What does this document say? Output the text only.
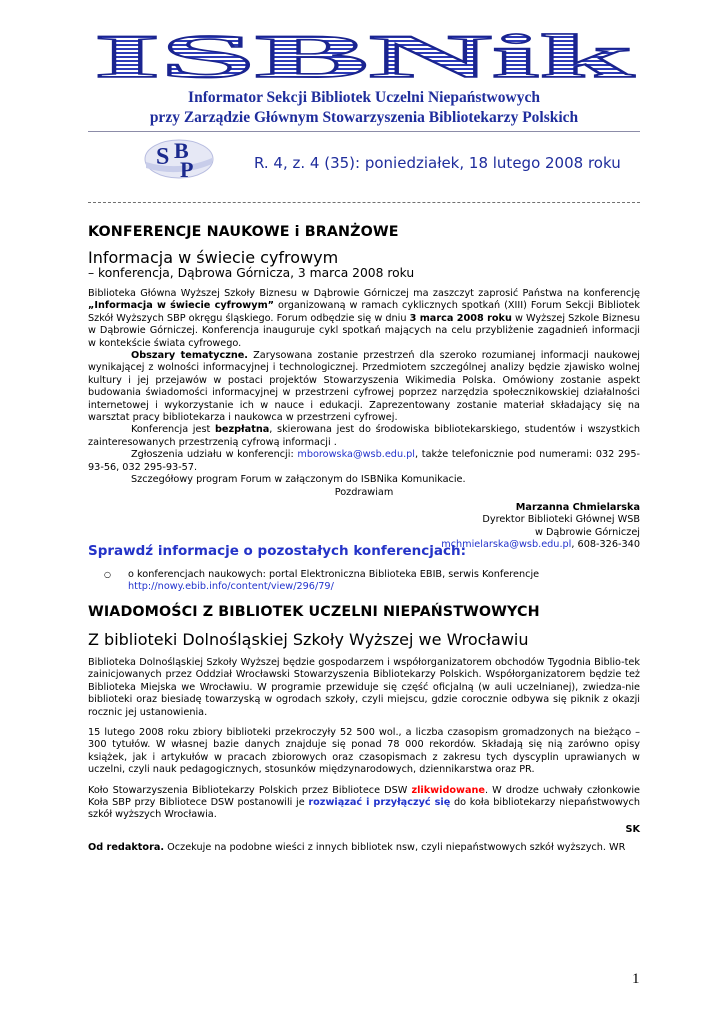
ISBNik
Informator Sekcji Bibliotek Uczelni Niepaństwowych
przy Zarządzie Głównym Stowarzyszenia Bibliotekarzy Polskich
S B
P	R. 4, z. 4 (35): poniedziałek, 18 lutego 2008 roku
KONFERENCJE NAUKOWE i BRANŻOWE
Informacja w świecie cyfrowym
– konferencja, Dąbrowa Górnicza, 3 marca 2008 roku

Biblioteka Główna Wyższej Szkoły Biznesu w Dąbrowie Górniczej ma zaszczyt zaprosić Państwa na konferencję „Informacja w świecie cyfrowym” organizowaną w ramach cyklicznych spotkań (XIII) Forum Sekcji Bibliotek Szkół Wyższych SBP okręgu śląskiego. Forum odbędzie się w dniu 3 marca 2008 roku w Wyższej Szkole Biznesu w Dąbrowie Górniczej. Konferencja inauguruje cykl spotkań mających na celu przybliżenie zagadnień informacji w kontekście świata cyfrowego.

Obszary tematyczne. Zarysowana zostanie przestrzeń dla szeroko rozumianej informacji naukowej wynikającej z wolności informacyjnej i technologicznej. Przedmiotem szczególnej analizy będzie zjawisko wolnej kultury i jej przejawów w postaci projektów Stowarzyszenia Wikimedia Polska. Omówiony zostanie aspekt budowania świadomości informacyjnej w przestrzeni cyfrowej poprzez narzędzia społecznikowskiej działalności internetowej i wykorzystanie ich w nauce i edukacji. Zaprezentowany zostanie materiał składający się na warsztat pracy bibliotekarza i naukowca w przestrzeni cyfrowej.

Konferencja jest bezpłatna, skierowana jest do środowiska bibliotekarskiego, studentów i wszystkich zainteresowanych przestrzenią cyfrową informacji .

Zgłoszenia udziału w konferencji: mborowska@wsb.edu.pl, także telefonicznie pod numerami: 032 295-93-56, 032 295-93-57.

Szczegółowy program Forum w załączonym do ISBNika Komunikacie.

Pozdrawiam
Marzanna Chmielarska
Dyrektor Biblioteki Głównej WSB
w Dąbrowie Górniczej
mchmielarska@wsb.edu.pl, 608-326-340
Sprawdź informacje o pozostałych konferencjach:
○ o konferencjach naukowych: portal Elektroniczna Biblioteka EBIB, serwis Konferencje
http://nowy.ebib.info/content/view/296/79/
WIADOMOŚCI Z BIBLIOTEK UCZELNI NIEPAŃSTWOWYCH
Z biblioteki Dolnośląskiej Szkoły Wyższej we Wrocławiu

Biblioteka Dolnośląskiej Szkoły Wyższej będzie gospodarzem i współorganizatorem obchodów Tygodnia Biblio-tek zainicjowanych przez Oddział Wrocławski Stowarzyszenia Bibliotekarzy Polskich. Współorganizatorem będzie też Biblioteka Miejska we Wrocławiu. W programie przewiduje się część oficjalną (w auli uczelnianej), zwiedza-nie biblioteki oraz biesiadę towarzyską w ogrodach szkoły, czyli miejscu, gdzie corocznie odbywa się piknik z okazji rocznic jej ustanowienia.

15 lutego 2008 roku zbiory biblioteki przekroczyły 52 500 wol., a liczba czasopism gromadzonych na bieżąco – 300 tytułów. W własnej bazie danych znajduje się ponad 78 000 rekordów. Składają się nią zarówno opisy książek, jak i artykułów w pracach zbiorowych oraz czasopismach z zakresu tych dyscyplin uprawianych w uczelni, czyli nauk pedagogicznych, stosunków międzynarodowych, dziennikarstwa oraz PR.

Koło Stowarzyszenia Bibliotekarzy Polskich przez Bibliotece DSW zlikwidowane. W drodze uchwały członkowie Koła SBP przy Bibliotece DSW postanowili je rozwiązać i przyłączyć się do koła bibliotekarzy niepaństwowych szkół wyższych Wrocławia.

SK

Od redaktora. Oczekuje na podobne wieści z innych bibliotek nsw, czyli niepaństwowych szkół wyższych. WR

1
